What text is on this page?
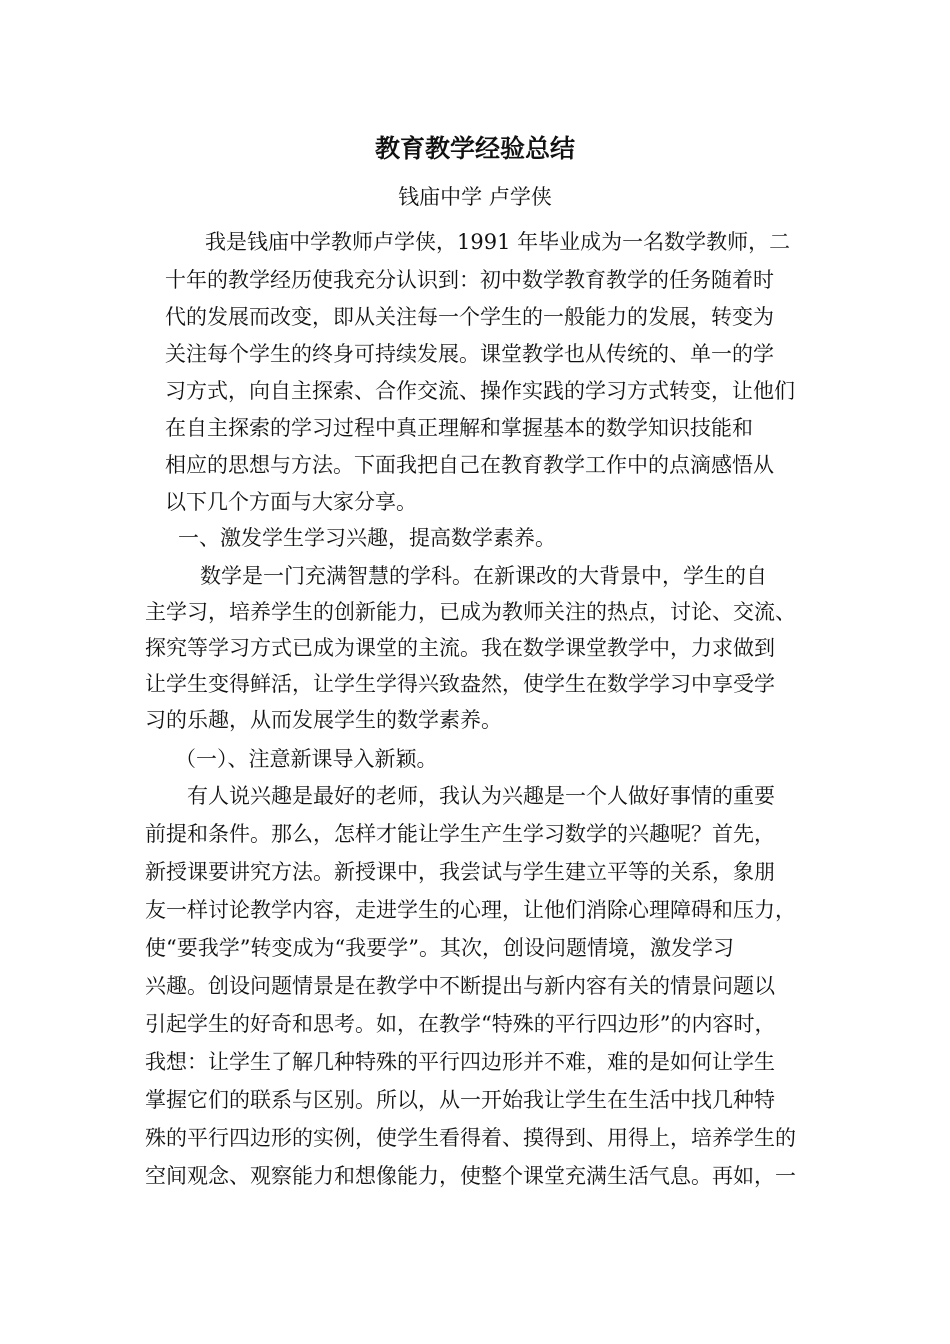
教育教学经验总结
钱庙中学 卢学侠

我是钱庙中学教师卢学侠，1991 年毕业成为一名数学教师，二

十年的教学经历使我充分认识到：初中数学教育教学的任务随着时

代的发展而改变，即从关注每一个学生的一般能力的发展，转变为

关注每个学生的终身可持续发展。课堂教学也从传统的、单一的学

习方式，向自主探索、合作交流、操作实践的学习方式转变，让他们

在自主探索的学习过程中真正理解和掌握基本的数学知识技能和

相应的思想与方法。下面我把自己在教育教学工作中的点滴感悟从

以下几个方面与大家分享。

一、激发学生学习兴趣，提高数学素养。

数学是一门充满智慧的学科。在新课改的大背景中，学生的自

主学习，培养学生的创新能力，已成为教师关注的热点，讨论、交流、

探究等学习方式已成为课堂的主流。我在数学课堂教学中，力求做到

让学生变得鲜活，让学生学得兴致盎然，使学生在数学学习中享受学

习的乐趣，从而发展学生的数学素养。

（一）、注意新课导入新颖。

有人说兴趣是最好的老师，我认为兴趣是一个人做好事情的重要

前提和条件。那么，怎样才能让学生产生学习数学的兴趣呢？首先，

新授课要讲究方法。新授课中，我尝试与学生建立平等的关系，象朋

友一样讨论教学内容，走进学生的心理，让他们消除心理障碍和压力，

使“要我学”转变成为“我要学”。其次，创设问题情境，激发学习

兴趣。创设问题情景是在教学中不断提出与新内容有关的情景问题以

引起学生的好奇和思考。如，在教学“特殊的平行四边形”的内容时，

我想：让学生了解几种特殊的平行四边形并不难，难的是如何让学生

掌握它们的联系与区别。所以，从一开始我让学生在生活中找几种特

殊的平行四边形的实例，使学生看得着、摸得到、用得上，培养学生的

空间观念、观察能力和想像能力，使整个课堂充满生活气息。再如，一
